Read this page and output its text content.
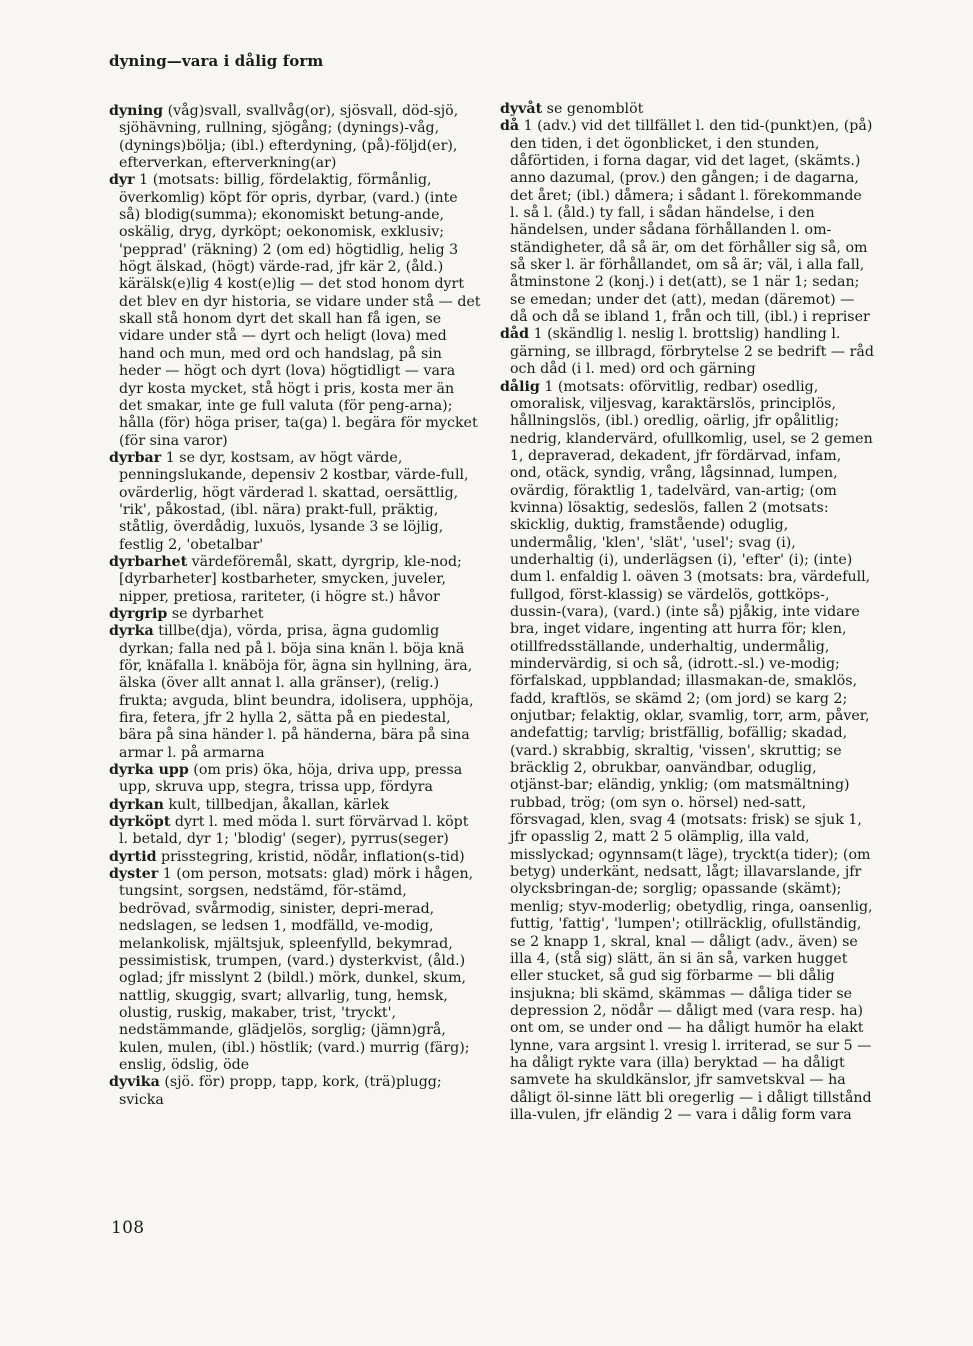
dyning—vara i dålig form

dyning (våg)svall, svallvåg(or), sjösvall, död-sjö, sjöhävning, rullning, sjögång; (dynings)-våg, (dynings)bölja; (ibl.) efterdyning, (på)-följd(er), efterverkan, efterverkning(ar)

dyr 1 (motsats: billig, fördelaktig, förmånlig, överkomlig) köpt för opris, dyrbar, (vard.) (inte så) blodig(summa); ekonomiskt betung-ande, oskälig, dryg, dyrköpt; oekonomisk, exklusiv; 'pepprad' (räkning) 2 (om ed) högtidlig, helig 3 högt älskad, (högt) värde-rad, jfr kär 2, (åld.) kärälsk(e)lig 4 kost(e)lig — det stod honom dyrt det blev en dyr historia, se vidare under stå — det skall stå honom dyrt det skall han få igen, se vidare under stå — dyrt och heligt (lova) med hand och mun, med ord och handslag, på sin heder — högt och dyrt (lova) högtidligt — vara dyr kosta mycket, stå högt i pris, kosta mer än det smakar, inte ge full valuta (för peng-arna); hålla (för) höga priser, ta(ga) l. begära för mycket (för sina varor)

dyrbar 1 se dyr, kostsam, av högt värde, penningslukande, depensiv 2 kostbar, värde-full, ovärderlig, högt värderad l. skattad, oersättlig, 'rik', påkostad, (ibl. nära) prakt-full, präktig, ståtlig, överdådig, luxuös, lysande 3 se löjlig, festlig 2, 'obetalbar'

dyrbarhet värdeföremål, skatt, dyrgrip, kle-nod; [dyrbarheter] kostbarheter, smycken, juveler, nipper, pretiosa, rariteter, (i högre st.) håvor

dyrgrip se dyrbarhet

dyrka tillbe(dja), vörda, prisa, ägna gudomlig dyrkan; falla ned på l. böja sina knän l. böja knä för, knäfalla l. knäböja för, ägna sin hyllning, ära, älska (över allt annat l. alla gränser), (relig.) frukta; avguda, blint beundra, idolisera, upphöja, fira, fetera, jfr 2 hylla 2, sätta på en piedestal, bära på sina händer l. på händerna, bära på sina armar l. på armarna

dyrka upp (om pris) öka, höja, driva upp, pressa upp, skruva upp, stegra, trissa upp, fördyra

dyrkan kult, tillbedjan, åkallan, kärlek

dyrköpt dyrt l. med möda l. surt förvärvad l. köpt l. betald, dyr 1; 'blodig' (seger), pyrrus(seger)

dyrtid prisstegring, kristid, nödår, inflation(s-tid)

dyster 1 (om person, motsats: glad) mörk i hågen, tungsint, sorgsen, nedstämd, för-stämd, bedrövad, svårmodig, sinister, depri-merad, nedslagen, se ledsen 1, modfälld, ve-modig, melankolisk, mjältsjuk, spleenfylld, bekymrad, pessimistisk, trumpen, (vard.) dysterkvist, (åld.) oglad; jfr misslynt 2 (bildl.) mörk, dunkel, skum, nattlig, skuggig, svart; allvarlig, tung, hemsk, olustig, ruskig, makaber, trist, 'tryckt', nedstämmande, glädjelös, sorglig; (jämn)grå, kulen, mulen, (ibl.) höstlik; (vard.) murrig (färg); enslig, ödslig, öde

dyvika (sjö. för) propp, tapp, kork, (trä)plugg; svicka

dyvåt se genomblöt

då 1 (adv.) vid det tillfället l. den tid-(punkt)en, (på) den tiden, i det ögonblicket, i den stunden, dåförtiden, i forna dagar, vid det laget, (skämts.) anno dazumal, (prov.) den gången; i de dagarna, det året; (ibl.) dåmera; i sådant l. förekommande l. så l. (åld.) ty fall, i sådan händelse, i den händelsen, under sådana förhållanden l. om-ständigheter, då så är, om det förhåller sig så, om så sker l. är förhållandet, om så är; väl, i alla fall, åtminstone 2 (konj.) i det(att), se 1 när 1; sedan; se emedan; under det (att), medan (däremot) — då och då se ibland 1, från och till, (ibl.) i repriser

dåd 1 (skändlig l. neslig l. brottslig) handling l. gärning, se illbragd, förbrytelse 2 se bedrift — råd och dåd (i l. med) ord och gärning

dålig 1 (motsats: oförvitlig, redbar) osedlig, omoralisk, viljesvag, karaktärslös, principlös, hållningslös, (ibl.) oredlig, oärlig, jfr opålitlig; nedrig, klandervärd, ofullkomlig, usel, se 2 gemen 1, depraverad, dekadent, jfr fördärvad, infam, ond, otäck, syndig, vrång, lågsinnad, lumpen, ovärdig, föraktlig 1, tadelvärd, van-artig; (om kvinna) lösaktig, sedeslös, fallen 2 (motsats: skicklig, duktig, framstående) oduglig, undermålig, 'klen', 'slät', 'usel'; svag (i), underhaltig (i), underlägsen (i), 'efter' (i); (inte) dum l. enfaldig l. oäven 3 (motsats: bra, värdefull, fullgod, först-klassig) se värdelös, gottköps-, dussin-(vara), (vard.) (inte så) pjåkig, inte vidare bra, inget vidare, ingenting att hurra för; klen, otillfredsställande, underhaltig, undermålig, mindervärdig, si och så, (idrott.-sl.) ve-modig; förfalskad, uppblandad; illasmakan-de, smaklös, fadd, kraftlös, se skämd 2; (om jord) se karg 2; onjutbar; felaktig, oklar, svamlig, torr, arm, påver, andefattig; tarvlig; bristfällig, bofällig; skadad, (vard.) skrabbig, skraltig, 'vissen', skruttig; se bräcklig 2, obrukbar, oanvändbar, oduglig, otjänst-bar; eländig, ynklig; (om matsmältning) rubbad, trög; (om syn o. hörsel) ned-satt, försvagad, klen, svag 4 (motsats: frisk) se sjuk 1, jfr opasslig 2, matt 2 5 olämplig, illa vald, misslyckad; ogynnsam(t läge), tryckt(a tider); (om betyg) underkänt, nedsatt, lågt; illavarslande, jfr olycksbringan-de; sorglig; opassande (skämt); menlig; styv-moderlig; obetydlig, ringa, oansenlig, futtig, 'fattig', 'lumpen'; otillräcklig, ofullständig, se 2 knapp 1, skral, knal — dåligt (adv., även) se illa 4, (stå sig) slätt, än si än så, varken hugget eller stucket, så gud sig förbarme — bli dålig insjukna; bli skämd, skämmas — dåliga tider se depression 2, nödår — dåligt med (vara resp. ha) ont om, se under ond — ha dåligt humör ha elakt lynne, vara argsint l. vresig l. irriterad, se sur 5 — ha dåligt rykte vara (illa) beryktad — ha dåligt samvete ha skuldkänslor, jfr samvetskval — ha dåligt öl-sinne lätt bli oregerlig — i dåligt tillstånd illa-vulen, jfr eländig 2 — vara i dålig form vara

108
